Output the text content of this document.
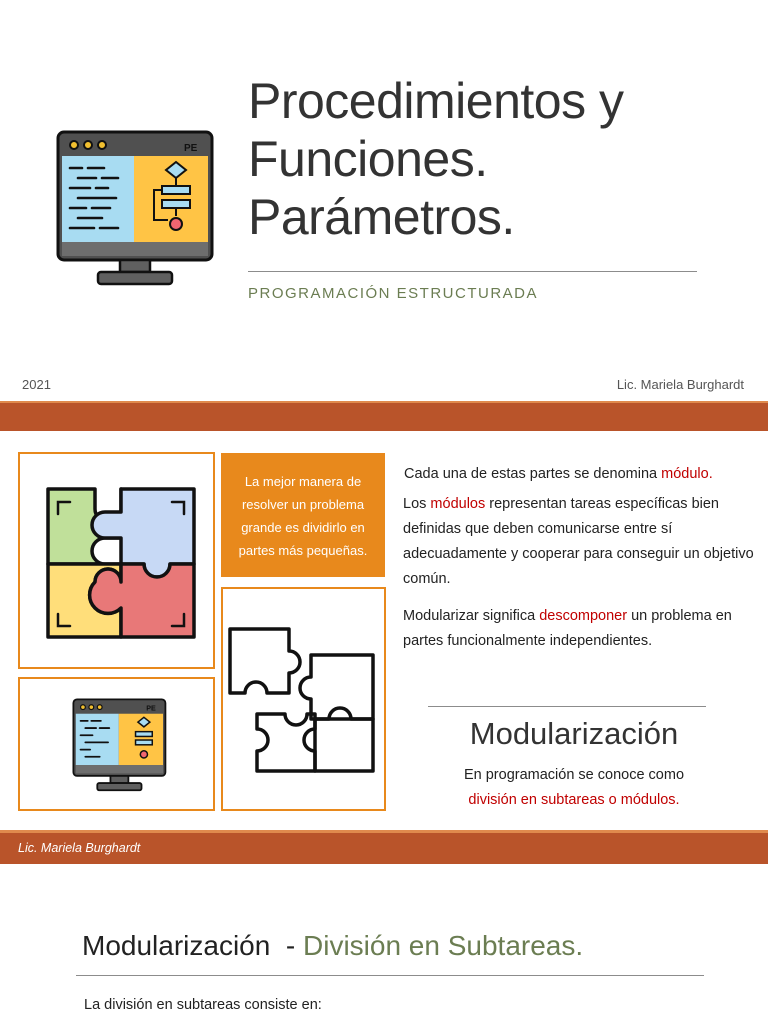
PE
Procedimientos y
Funciones.
Parámetros.
PROGRAMACIÓN ESTRUCTURADA
2021	Lic. Mariela Burghardt
La mejor manera de resolver un problema grande es dividirlo en partes más pequeñas.
PE
Cada una de estas partes se denomina módulo.
Los módulos representan tareas específicas bien definidas que deben comunicarse entre sí adecuadamente y cooperar para conseguir un objetivo común.
Modularizar significa descomponer un problema en partes funcionalmente independientes.
Modularización
En programación se conoce como
división en subtareas o módulos.
Lic. Mariela Burghardt
Modularización  - División en Subtareas.
La división en subtareas consiste en:
